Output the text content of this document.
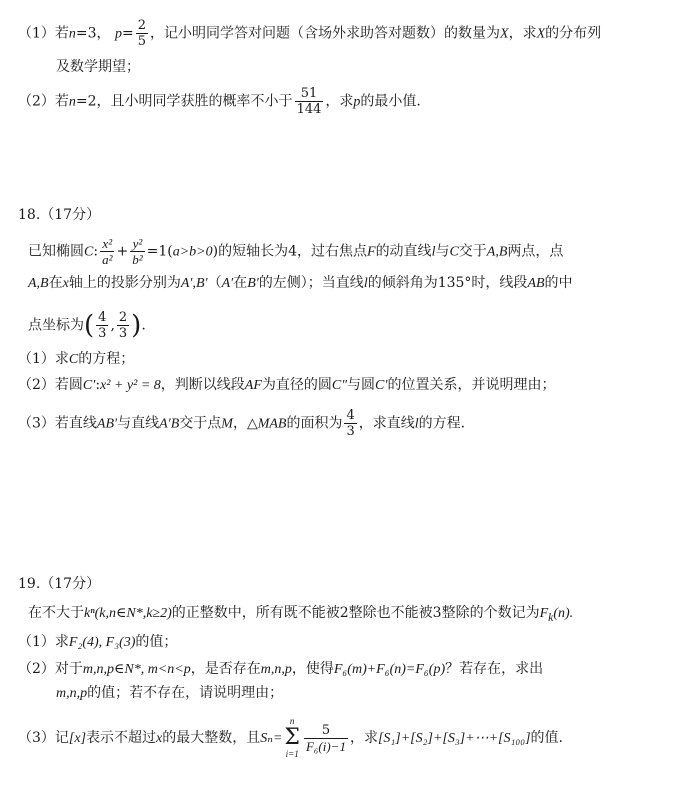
（1）若n=3， $p= \frac{2}{5}$ ，记小明同学答对问题（含场外求助答对题数）的数量为X，求X的分布列
及数学期望；
（2）若n=2，且小明同学获胜的概率不小于 $\frac{51}{144}$ ，求p的最小值.
18.（17分）
已知椭圆C: $\frac{\text{x²}}{\text{a²}} + \frac{\text{y²}}{\text{b²}} =1(a>b>0)$的短轴长为4，过右焦点F的动直线l与C交于A,B两点，点
A,B在x轴上的投影分别为A′,B′（A′在B′的左侧）；当直线l的倾斜角为135°时，线段AB的中
点坐标为( $\frac{4}{3}$ , $\frac{2}{3}$ ).
（1）求C的方程；
（2）若圆C′:x² + y² = 8，判断以线段AF为直径的圆C″与圆C′的位置关系，并说明理由；
（3）若直线AB′与直线A′B交于点M，△MAB的面积为 $\frac{4}{3}$ ，求直线l的方程.
19.（17分）
在不大于kⁿ(k,n∈N*,k≥2)的正整数中，所有既不能被2整除也不能被3整除的个数记为$F_k(n)$.
（1）求F₂(4), F₃(3)的值；
（2）对于m,n,p∈N*, m<n<p，是否存在m,n,p，使得F₆(m)+F₆(n)=F₆(p)？若存在，求出
m,n,p的值；若不存在，请说明理由；
（3）记[x]表示不超过x的最大整数，且Sₙ=n
Σ
i=1
$\frac{5}{\text{F₆(i)−1}}$ ，求[S₁]+[S₂]+[S₃]+⋯+[S₁₀₀]的值.
